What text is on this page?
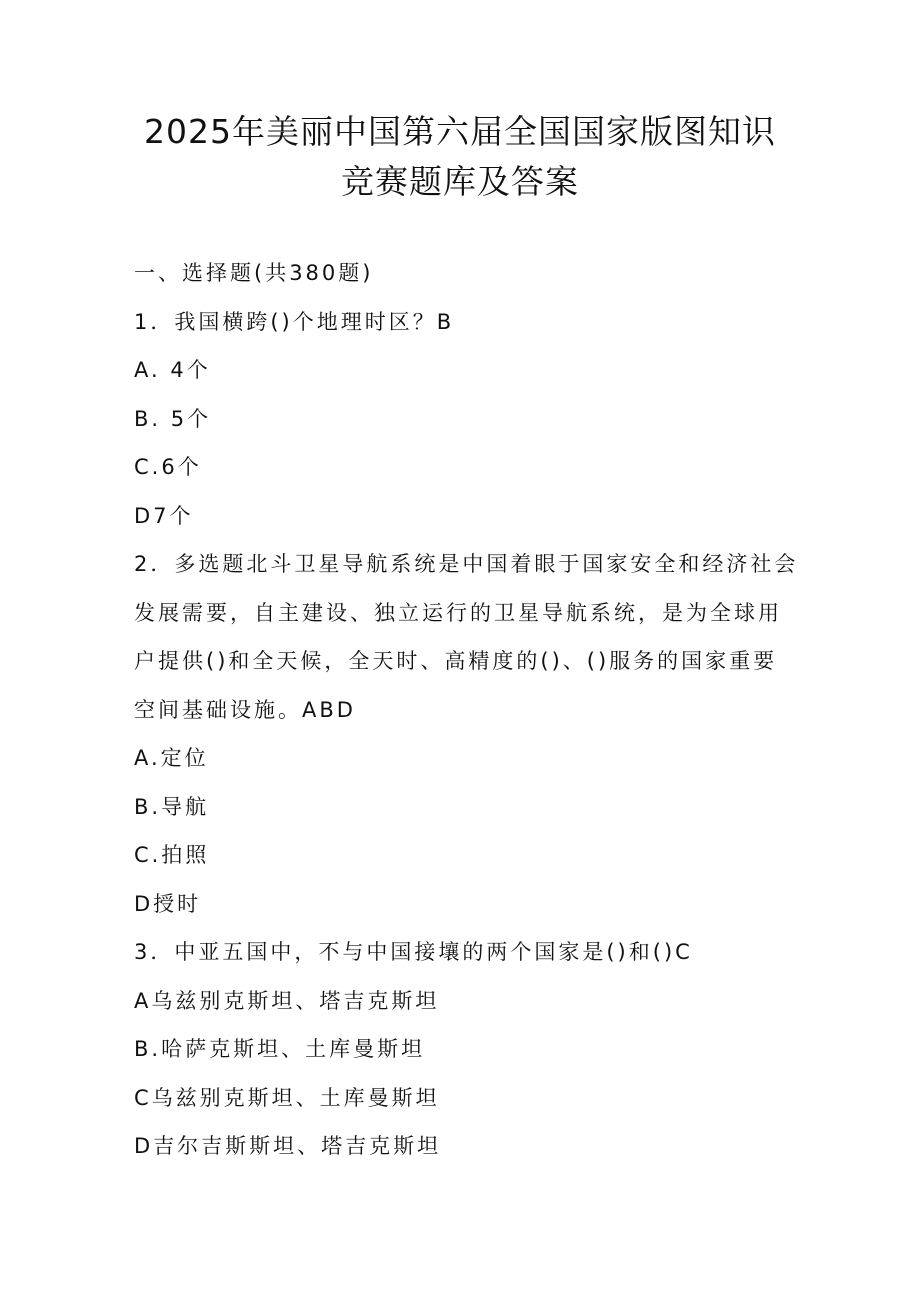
2025年美丽中国第六届全国国家版图知识
竞赛题库及答案
一、选择题(共380题)
1．我国横跨()个地理时区？B
A. 4个
B. 5个
C.6个
D7个
2．多选题北斗卫星导航系统是中国着眼于国家安全和经济社会
发展需要，自主建设、独立运行的卫星导航系统，是为全球用
户提供()和全天候，全天时、高精度的()、()服务的国家重要
空间基础设施。ABD
A.定位
B.导航
C.拍照
D授时
3．中亚五国中，不与中国接壤的两个国家是()和()C
A乌兹别克斯坦、塔吉克斯坦
B.哈萨克斯坦、土库曼斯坦
C乌兹别克斯坦、土库曼斯坦
D吉尔吉斯斯坦、塔吉克斯坦
